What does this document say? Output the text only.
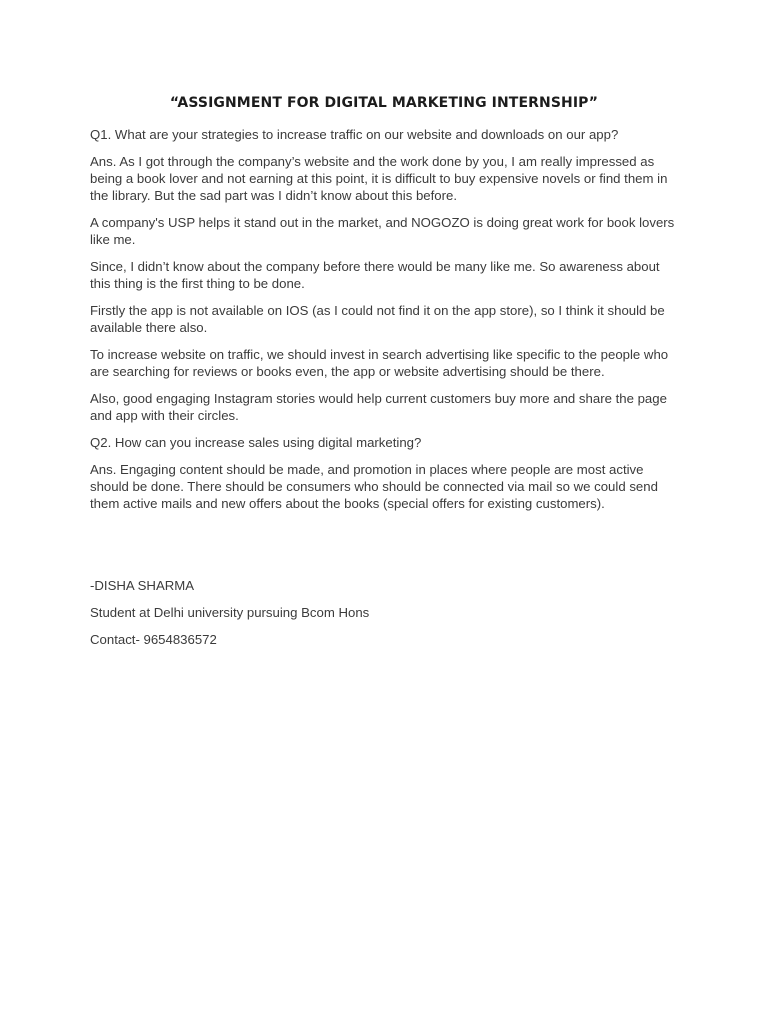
“ASSIGNMENT FOR DIGITAL MARKETING INTERNSHIP”

Q1. What are your strategies to increase traffic on our website and downloads on our app?

Ans. As I got through the company’s website and the work done by you, I am really impressed as being a book lover and not earning at this point, it is difficult to buy expensive novels or find them in the library. But the sad part was I didn’t know about this before.

A company's USP helps it stand out in the market, and NOGOZO is doing great work for book lovers like me.

Since, I didn’t know about the company before there would be many like me. So awareness about this thing is the first thing to be done.

Firstly the app is not available on IOS (as I could not find it on the app store), so I think it should be available there also.

To increase website on traffic, we should invest in search advertising like specific to the people who are searching for reviews or books even, the app or website advertising should be there.

Also, good engaging Instagram stories would help current customers buy more and share the page and app with their circles.

Q2. How can you increase sales using digital marketing?

Ans. Engaging content should be made, and promotion in places where people are most active should be done. There should be consumers who should be connected via mail so we could send them active mails and new offers about the books (special offers for existing customers).

-DISHA SHARMA

Student at Delhi university pursuing Bcom Hons

Contact- 9654836572
